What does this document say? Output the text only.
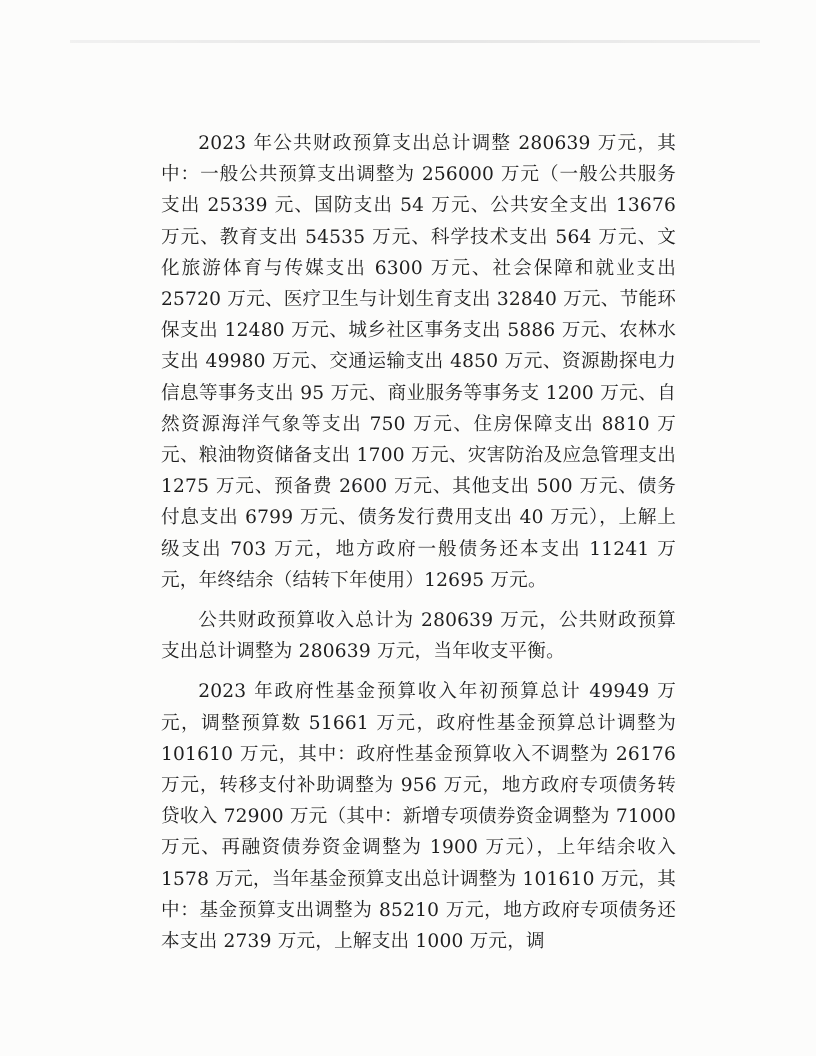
2023 年公共财政预算支出总计调整 280639 万元，其中：一般公共预算支出调整为 256000 万元（一般公共服务支出 25339 元、国防支出 54 万元、公共安全支出 13676 万元、教育支出 54535 万元、科学技术支出 564 万元、文化旅游体育与传媒支出 6300 万元、社会保障和就业支出 25720 万元、医疗卫生与计划生育支出 32840 万元、节能环保支出 12480 万元、城乡社区事务支出 5886 万元、农林水支出 49980 万元、交通运输支出 4850 万元、资源勘探电力信息等事务支出 95 万元、商业服务等事务支 1200 万元、自然资源海洋气象等支出 750 万元、住房保障支出 8810 万元、粮油物资储备支出 1700 万元、灾害防治及应急管理支出 1275 万元、预备费 2600 万元、其他支出 500 万元、债务付息支出 6799 万元、债务发行费用支出 40 万元），上解上级支出 703 万元，地方政府一般债务还本支出 11241 万元，年终结余（结转下年使用）12695 万元。

公共财政预算收入总计为 280639 万元，公共财政预算支出总计调整为 280639 万元，当年收支平衡。

2023 年政府性基金预算收入年初预算总计 49949 万元，调整预算数 51661 万元，政府性基金预算总计调整为 101610 万元，其中：政府性基金预算收入不调整为 26176 万元，转移支付补助调整为 956 万元，地方政府专项债务转贷收入 72900 万元（其中：新增专项债券资金调整为 71000 万元、再融资债券资金调整为 1900 万元），上年结余收入 1578 万元，当年基金预算支出总计调整为 101610 万元，其中：基金预算支出调整为 85210 万元，地方政府专项债务还本支出 2739 万元，上解支出 1000 万元，调
